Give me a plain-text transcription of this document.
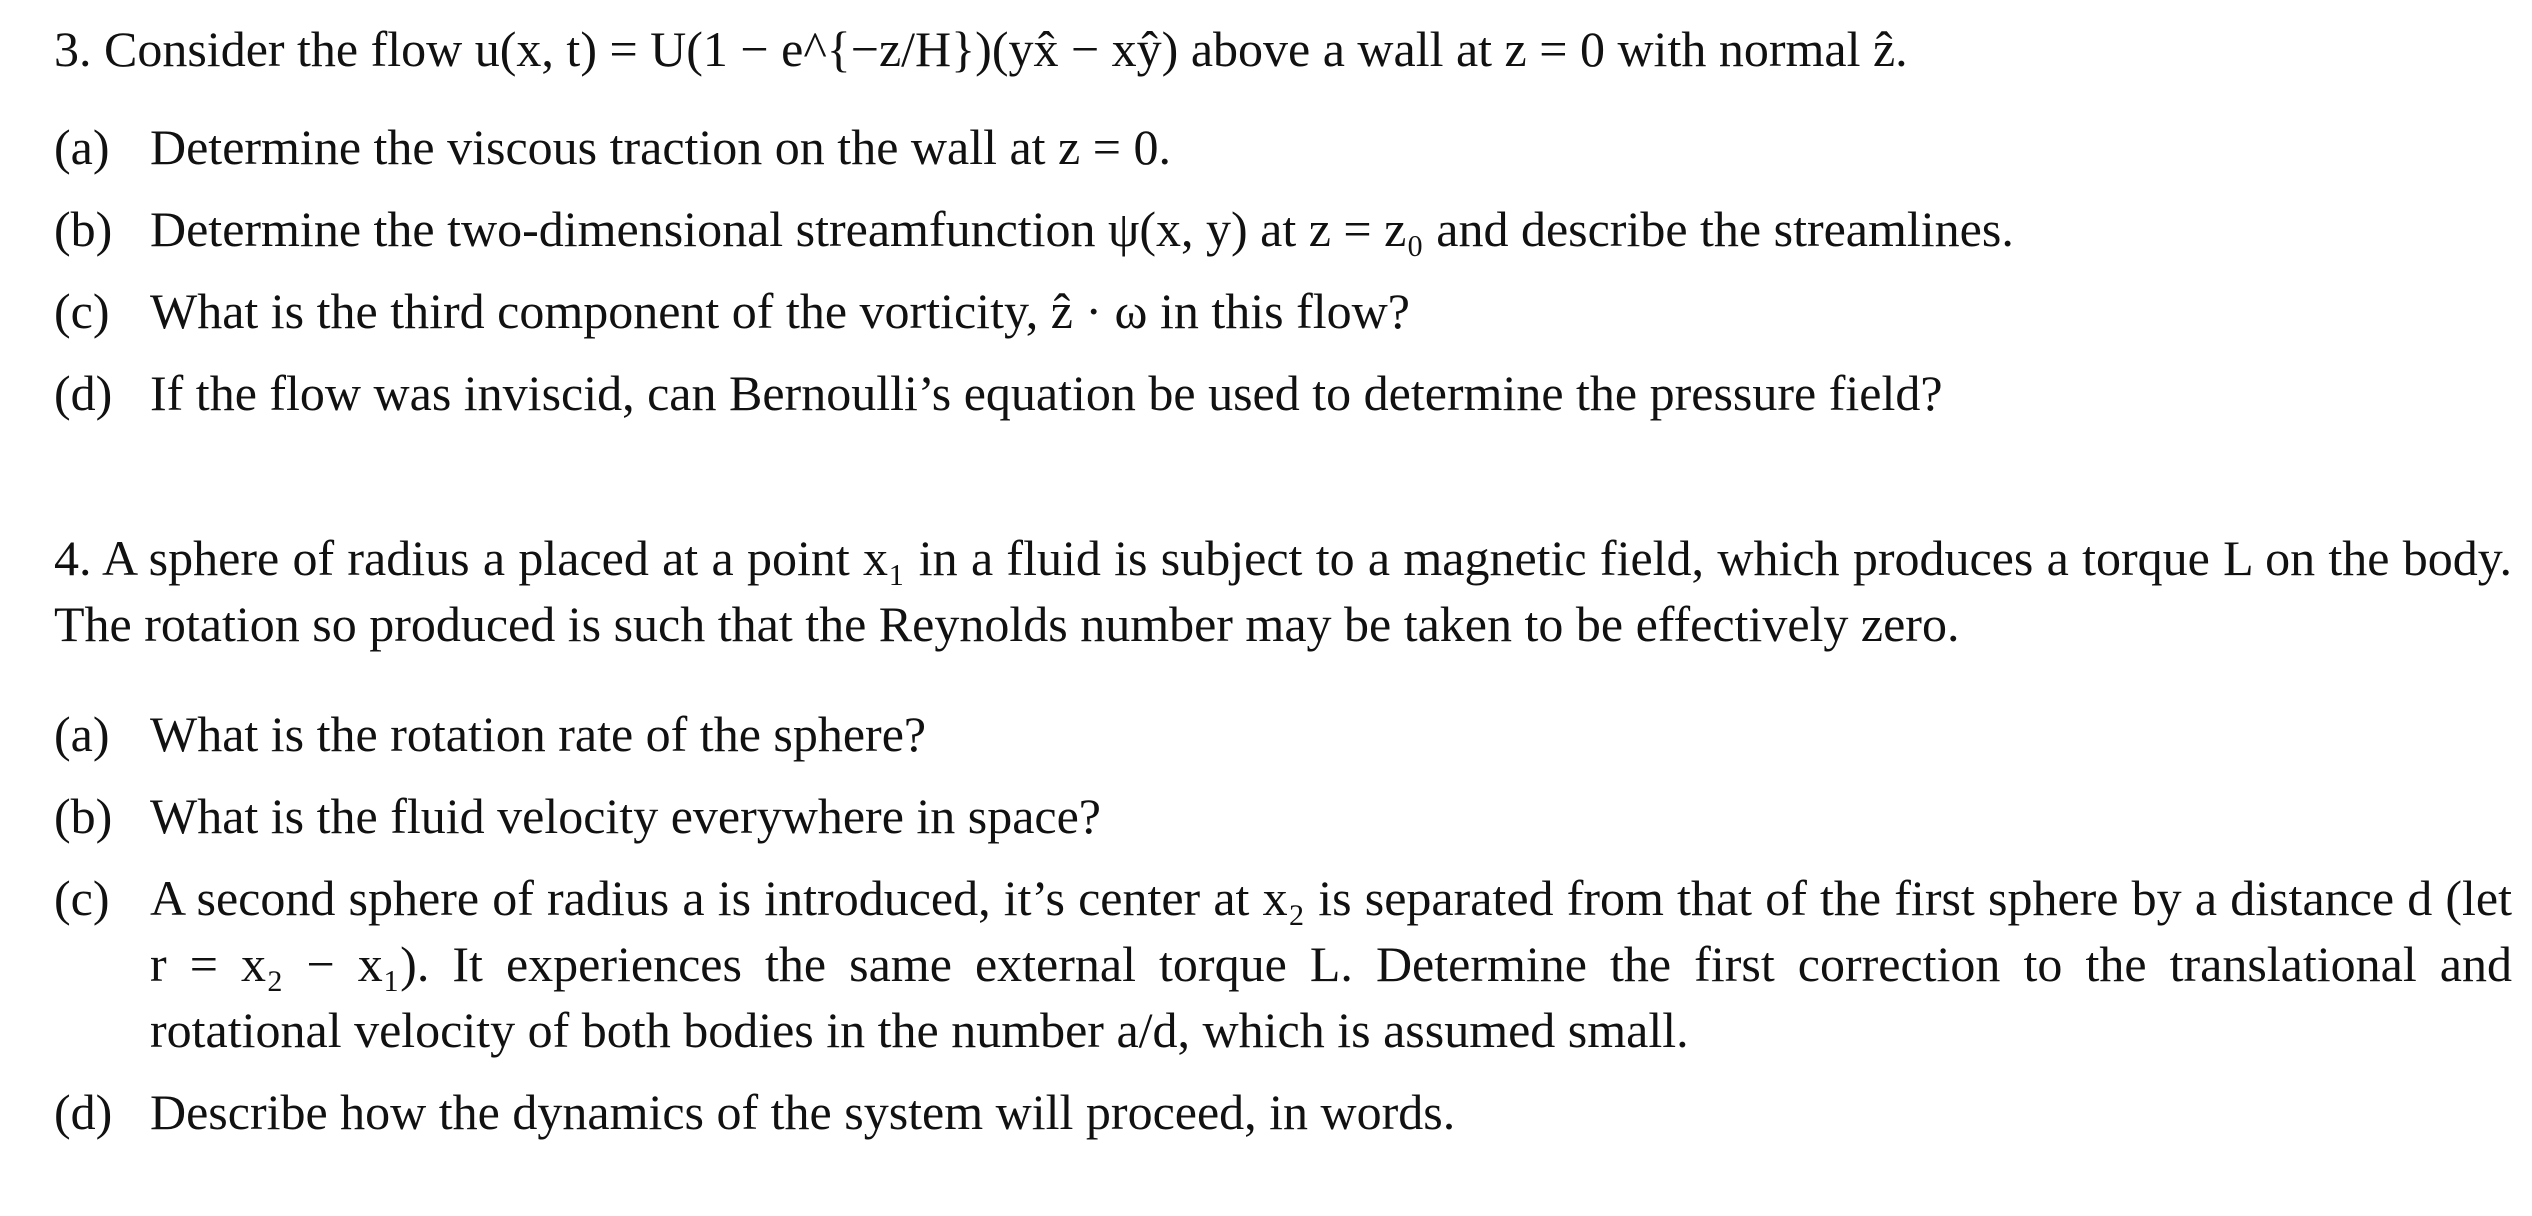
3. Consider the flow u(x, t) = U(1 − e^{−z/H})(yx̂ − xŷ) above a wall at z = 0 with normal ẑ.

(a) Determine the viscous traction on the wall at z = 0.
(b) Determine the two-dimensional streamfunction ψ(x, y) at z = z₀ and describe the streamlines.
(c) What is the third component of the vorticity, ẑ · ω in this flow?
(d) If the flow was inviscid, can Bernoulli’s equation be used to determine the pressure field?

4. A sphere of radius a placed at a point x₁ in a fluid is subject to a magnetic field, which produces a torque L on the body. The rotation so produced is such that the Reynolds number may be taken to be effectively zero.

(a) What is the rotation rate of the sphere?
(b) What is the fluid velocity everywhere in space?
(c) A second sphere of radius a is introduced, it’s center at x₂ is separated from that of the first sphere by a distance d (let r = x₂ − x₁). It experiences the same external torque L. Determine the first correction to the translational and rotational velocity of both bodies in the number a/d, which is assumed small.
(d) Describe how the dynamics of the system will proceed, in words.
